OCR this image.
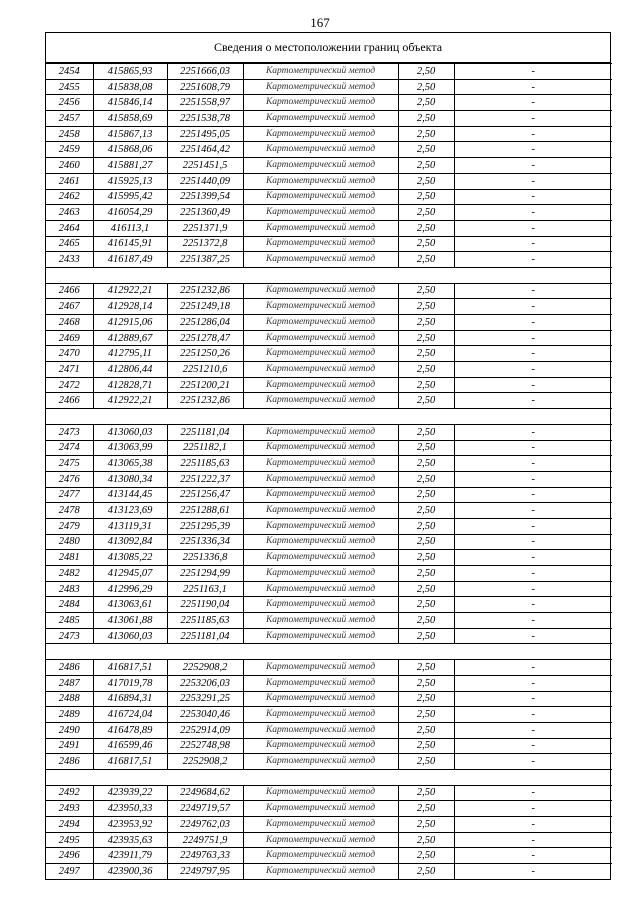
167
Сведения о местоположении границ объекта
2454	415865,93	2251666,03	Картометрический метод	2,50	-
2455	415838,08	2251608,79	Картометрический метод	2,50	-
2456	415846,14	2251558,97	Картометрический метод	2,50	-
2457	415858,69	2251538,78	Картометрический метод	2,50	-
2458	415867,13	2251495,05	Картометрический метод	2,50	-
2459	415868,06	2251464,42	Картометрический метод	2,50	-
2460	415881,27	2251451,5	Картометрический метод	2,50	-
2461	415925,13	2251440,09	Картометрический метод	2,50	-
2462	415995,42	2251399,54	Картометрический метод	2,50	-
2463	416054,29	2251360,49	Картометрический метод	2,50	-
2464	416113,1	2251371,9	Картометрический метод	2,50	-
2465	416145,91	2251372,8	Картометрический метод	2,50	-
2433	416187,49	2251387,25	Картометрический метод	2,50	-

2466	412922,21	2251232,86	Картометрический метод	2,50	-
2467	412928,14	2251249,18	Картометрический метод	2,50	-
2468	412915,06	2251286,04	Картометрический метод	2,50	-
2469	412889,67	2251278,47	Картометрический метод	2,50	-
2470	412795,11	2251250,26	Картометрический метод	2,50	-
2471	412806,44	2251210,6	Картометрический метод	2,50	-
2472	412828,71	2251200,21	Картометрический метод	2,50	-
2466	412922,21	2251232,86	Картометрический метод	2,50	-

2473	413060,03	2251181,04	Картометрический метод	2,50	-
2474	413063,99	2251182,1	Картометрический метод	2,50	-
2475	413065,38	2251185,63	Картометрический метод	2,50	-
2476	413080,34	2251222,37	Картометрический метод	2,50	-
2477	413144,45	2251256,47	Картометрический метод	2,50	-
2478	413123,69	2251288,61	Картометрический метод	2,50	-
2479	413119,31	2251295,39	Картометрический метод	2,50	-
2480	413092,84	2251336,34	Картометрический метод	2,50	-
2481	413085,22	2251336,8	Картометрический метод	2,50	-
2482	412945,07	2251294,99	Картометрический метод	2,50	-
2483	412996,29	2251163,1	Картометрический метод	2,50	-
2484	413063,61	2251190,04	Картометрический метод	2,50	-
2485	413061,88	2251185,63	Картометрический метод	2,50	-
2473	413060,03	2251181,04	Картометрический метод	2,50	-

2486	416817,51	2252908,2	Картометрический метод	2,50	-
2487	417019,78	2253206,03	Картометрический метод	2,50	-
2488	416894,31	2253291,25	Картометрический метод	2,50	-
2489	416724,04	2253040,46	Картометрический метод	2,50	-
2490	416478,89	2252914,09	Картометрический метод	2,50	-
2491	416599,46	2252748,98	Картометрический метод	2,50	-
2486	416817,51	2252908,2	Картометрический метод	2,50	-

2492	423939,22	2249684,62	Картометрический метод	2,50	-
2493	423950,33	2249719,57	Картометрический метод	2,50	-
2494	423953,92	2249762,03	Картометрический метод	2,50	-
2495	423935,63	2249751,9	Картометрический метод	2,50	-
2496	423911,79	2249763,33	Картометрический метод	2,50	-
2497	423900,36	2249797,95	Картометрический метод	2,50	-
